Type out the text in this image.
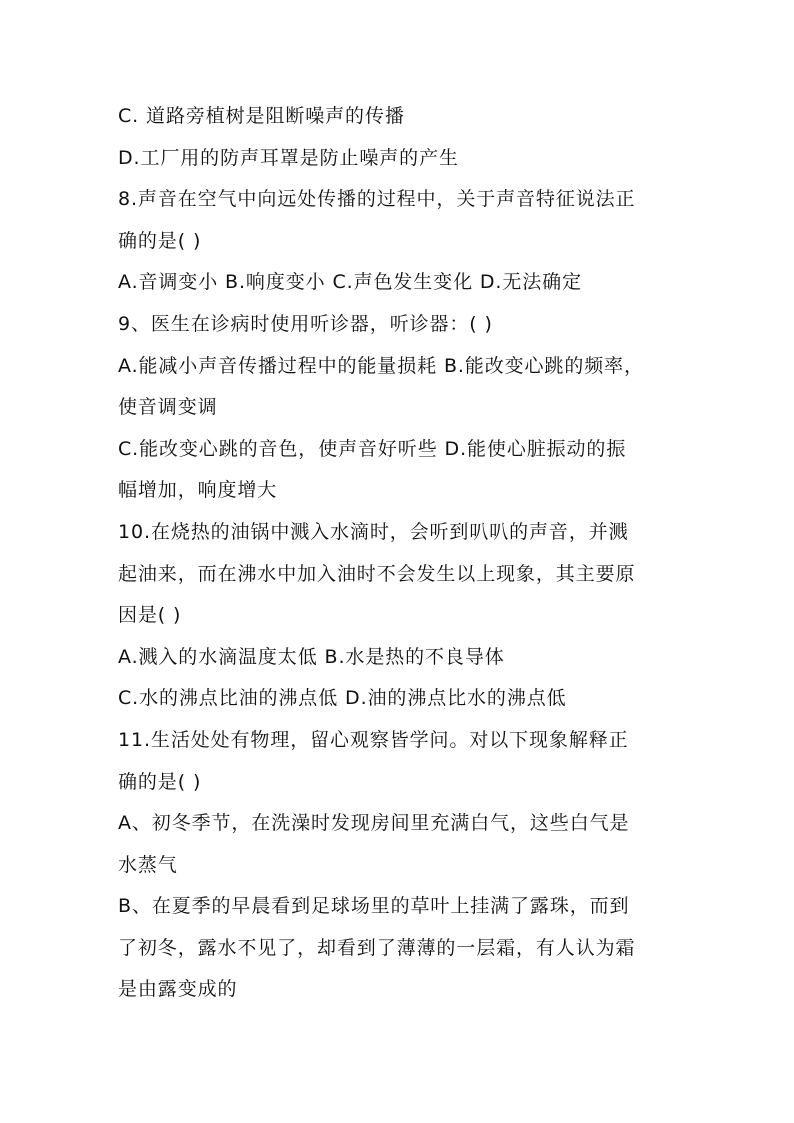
C. 道路旁植树是阻断噪声的传播
D.工厂用的防声耳罩是防止噪声的产生
8.声音在空气中向远处传播的过程中，关于声音特征说法正
确的是( )
A.音调变小 B.响度变小 C.声色发生变化 D.无法确定
9、医生在诊病时使用听诊器，听诊器：( )
A.能减小声音传播过程中的能量损耗 B.能改变心跳的频率，
使音调变调
C.能改变心跳的音色，使声音好听些 D.能使心脏振动的振
幅增加，响度增大
10.在烧热的油锅中溅入水滴时，会听到叭叭的声音，并溅
起油来，而在沸水中加入油时不会发生以上现象，其主要原
因是( )
A.溅入的水滴温度太低 B.水是热的不良导体
C.水的沸点比油的沸点低 D.油的沸点比水的沸点低
11.生活处处有物理，留心观察皆学问。对以下现象解释正
确的是( )
A、初冬季节，在洗澡时发现房间里充满白气，这些白气是
水蒸气
B、在夏季的早晨看到足球场里的草叶上挂满了露珠，而到
了初冬，露水不见了，却看到了薄薄的一层霜，有人认为霜
是由露变成的
